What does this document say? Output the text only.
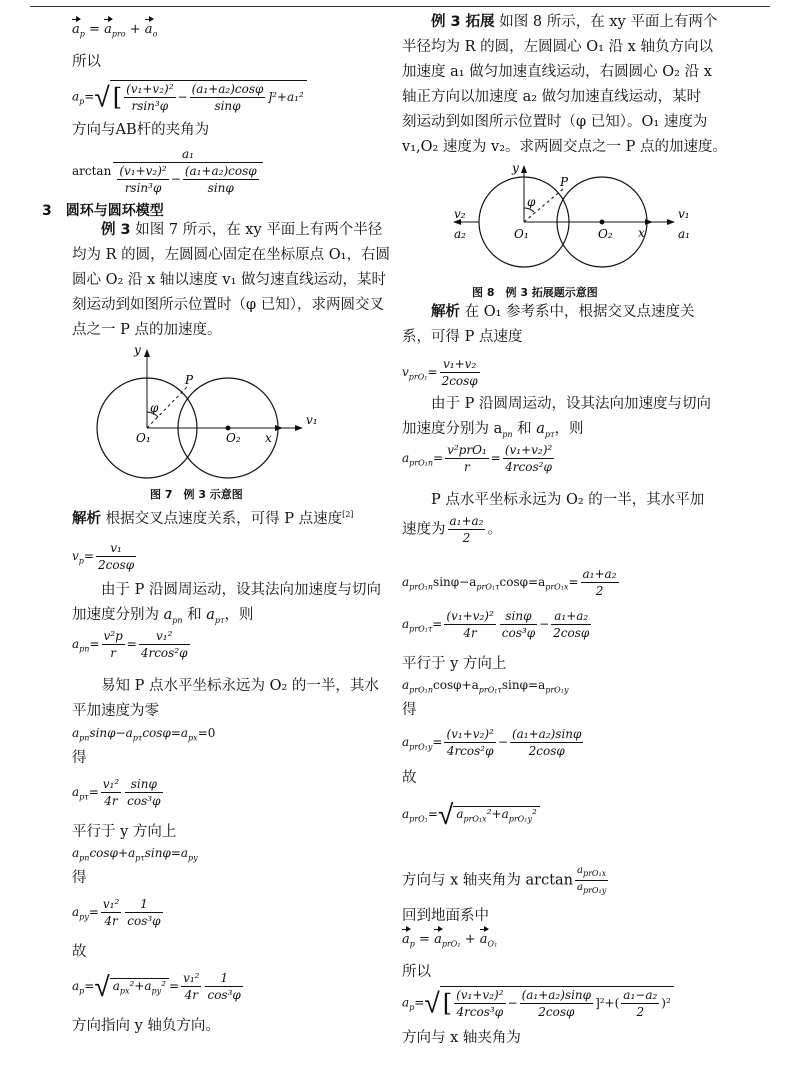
$a_p = a_{pro} + a_o$
所以
$a_p=√$ [ $\frac{\text{(v₁+v₂)²}}{\text{rsin³φ}} - \frac{\text{(a₁+a₂)cosφ}}{\sin\varphi} ]^2+a_1^2$
方向与AB杆的夹角为
$\arctan \frac{\text{a₁}}{\frac{\text{(v₁+v₂)²}}{\text{rsin³φ}} - \frac{\text{(a₁+a₂)cosφ}}{\sin\varphi}}$
3　圆环与圆环模型
例 3 如图 7 所示，在 xy 平面上有两个半径
均为 R 的圆，左圆圆心固定在坐标原点 O₁，右圆
圆心 O₂ 沿 x 轴以速度 v₁ 做匀速直线运动，某时
刻运动到如图所示位置时（φ 已知），求两圆交叉
点之一 P 点的加速度。
y
x
v₁
O₁	O₂
P
φ
图 7　例 3 示意图
解析 根据交叉点速度关系，可得 P 点速度[2]
$v_p= \frac{\text{v₁}}{2\cos\varphi}$
由于 P 沿圆周运动，设其法向加速度与切向
加速度分别为 $a_{pn}$ 和 $a_{p\tau}$，则
$a_{pn}= \frac{\text{v²p}}{r} = \frac{\text{v₁²}}{\text{4rcos²φ}}$
易知 P 点水平坐标永远为 O₂ 的一半，其水
平加速度为零
$a_{pn}\sin\varphi-a_{p\tau}\cos\varphi=a_{px}=0$
得
$a_{p\tau}= \frac{\text{v₁²}}{4r} \frac{\sin\varphi}{\text{cos³φ}}$
平行于 y 方向上
$a_{pn}\cos\varphi+a_{p\tau}\sin\varphi=a_{py}$
得
$a_{py}= \frac{\text{v₁²}}{4r} \frac{1}{\text{cos³φ}}$
故
$a_p=√$ $a_{px}^2+a_{py}^2 = \frac{\text{v₁²}}{4r} \frac{1}{\text{cos³φ}}$
方向指向 y 轴负方向。
例 3 拓展 如图 8 所示，在 xy 平面上有两个
半径均为 R 的圆，左圆圆心 O₁ 沿 x 轴负方向以
加速度 a₁ 做匀加速直线运动，右圆圆心 O₂ 沿 x
轴正方向以加速度 a₂ 做匀加速直线运动，某时
刻运动到如图所示位置时（φ 已知）。O₁ 速度为
v₁,O₂ 速度为 v₂。求两圆交点之一 P 点的加速度。
y
x
v₁
a₁
v₂
a₂	O₁	O₂
P
φ
图 8　例 3 拓展题示意图
解析 在 O₁ 参考系中，根据交叉点速度关
系，可得 P 点速度
$v_{prO_1}= \frac{\text{v₁+v₂}}{2\cos\varphi}$
由于 P 沿圆周运动，设其法向加速度与切向
加速度分别为 $a_{pn}$ 和 $a_{p\tau}$，则
$a_{prO_1n}= \frac{\text{v²prO₁}}{r} = \frac{\text{(v₁+v₂)²}}{\text{4rcos²φ}}$
P 点水平坐标永远为 O₂ 的一半，其水平加
速度为 $\frac{\text{a₁+a₂}}{2}$ 。
$a_{prO_1n}\sin\varphi-a_{prO_1\tau}\cos\varphi=a_{prO_1x}= \frac{\text{a₁+a₂}}{2}$
$a_{prO_1\tau}= \frac{\text{(v₁+v₂)²}}{4r} \frac{\sin\varphi}{\text{cos³φ}} - \frac{\text{a₁+a₂}}{2\cos\varphi}$
平行于 y 方向上
$a_{prO_1n}\cos\varphi+a_{prO_1\tau}\sin\varphi=a_{prO_1y}$
得
$a_{prO_1y}= \frac{\text{(v₁+v₂)²}}{\text{4rcos²φ}} - \frac{\text{(a₁+a₂)sinφ}}{2\cos\varphi}$
故
$a_{prO_1}=√$ $a_{prO_1x}^2+a_{prO_1y}^2$
方向与 x 轴夹角为 $\arctan \frac{a_{prO_1x}}{a_{prO_1y}}$
回到地面系中
$a_p = a_{prO_1} + a_{O_1}$
所以
$a_p=√$ [ $\frac{\text{(v₁+v₂)²}}{\text{4rcos³φ}} - \frac{\text{(a₁+a₂)sinφ}}{2\cos\varphi} ]^2+( \frac{\text{a₁−a₂}}{2} )^2$
方向与 x 轴夹角为
